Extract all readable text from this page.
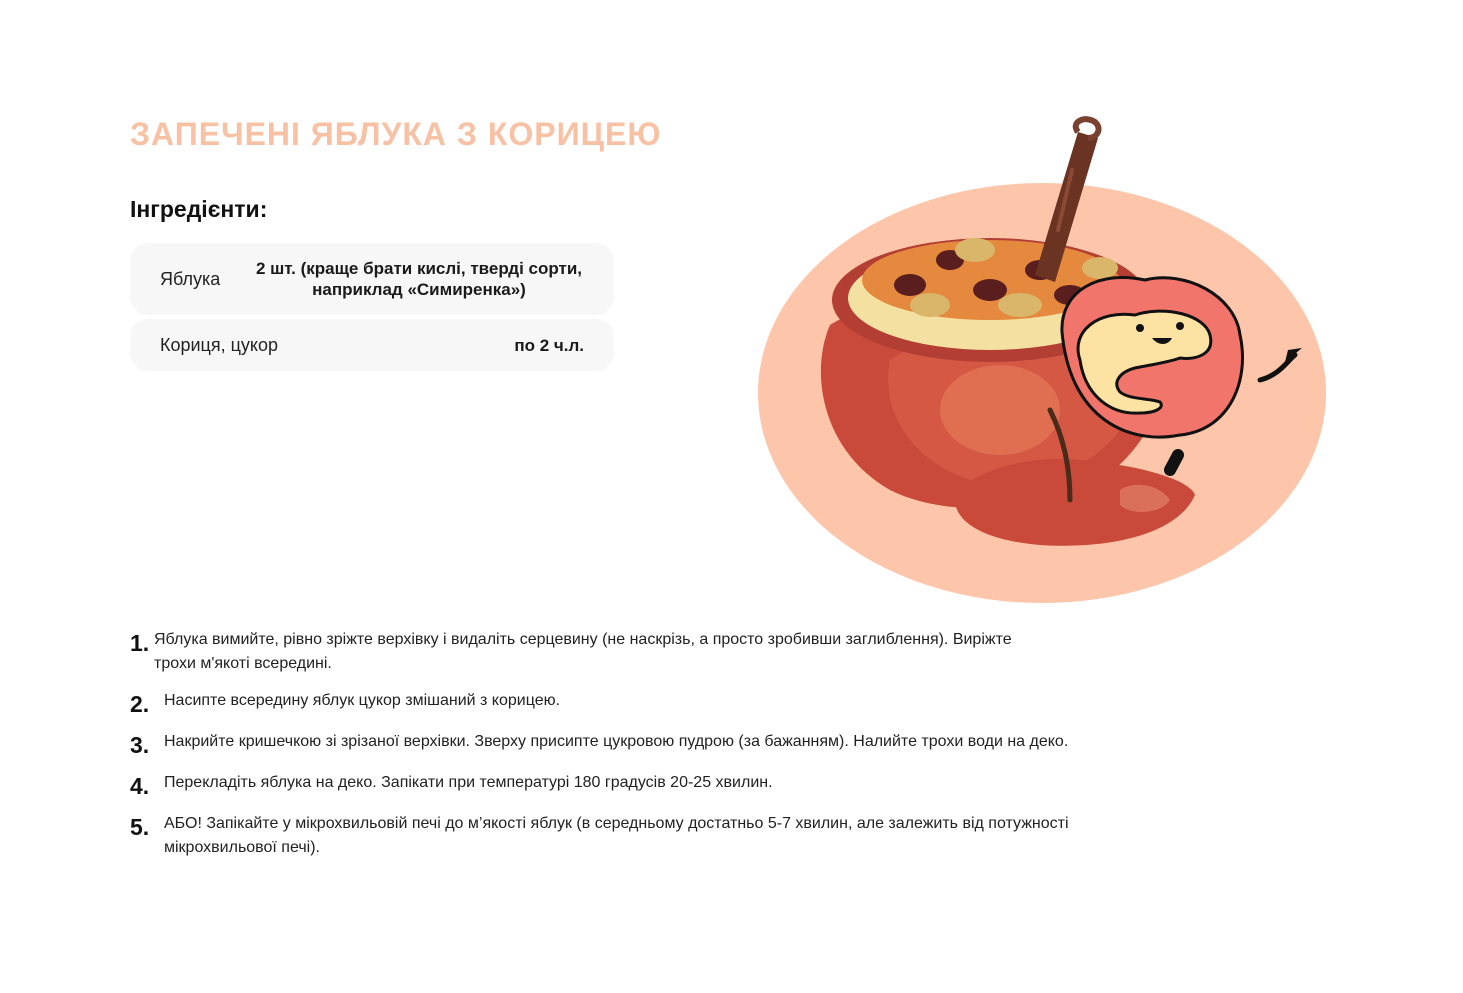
ЗАПЕЧЕНІ ЯБЛУКА З КОРИЦЕЮ
Інгредієнти:
Яблука 2 шт. (краще брати кислі, тверді сорти, наприклад «Симиренка»)
Кориця, цукор	по 2 ч.л.
1. Яблука вимийте, рівно зріжте верхівку і видаліть серцевину (не наскрізь, а просто зробивши заглиблення). Виріжте трохи м'якоті всередині.
2. Насипте всередину яблук цукор змішаний з корицею.
3. Накрийте кришечкою зі зрізаної верхівки. Зверху присипте цукровою пудрою (за бажанням). Налийте трохи води на деко.
4. Перекладіть яблука на деко. Запікати при температурі 180 градусів 20-25 хвилин.
5. АБО! Запікайте у мікрохвильовій печі до м’якості яблук (в середньому достатньо 5-7 хвилин, але залежить від потужності мікрохвильової печі).
